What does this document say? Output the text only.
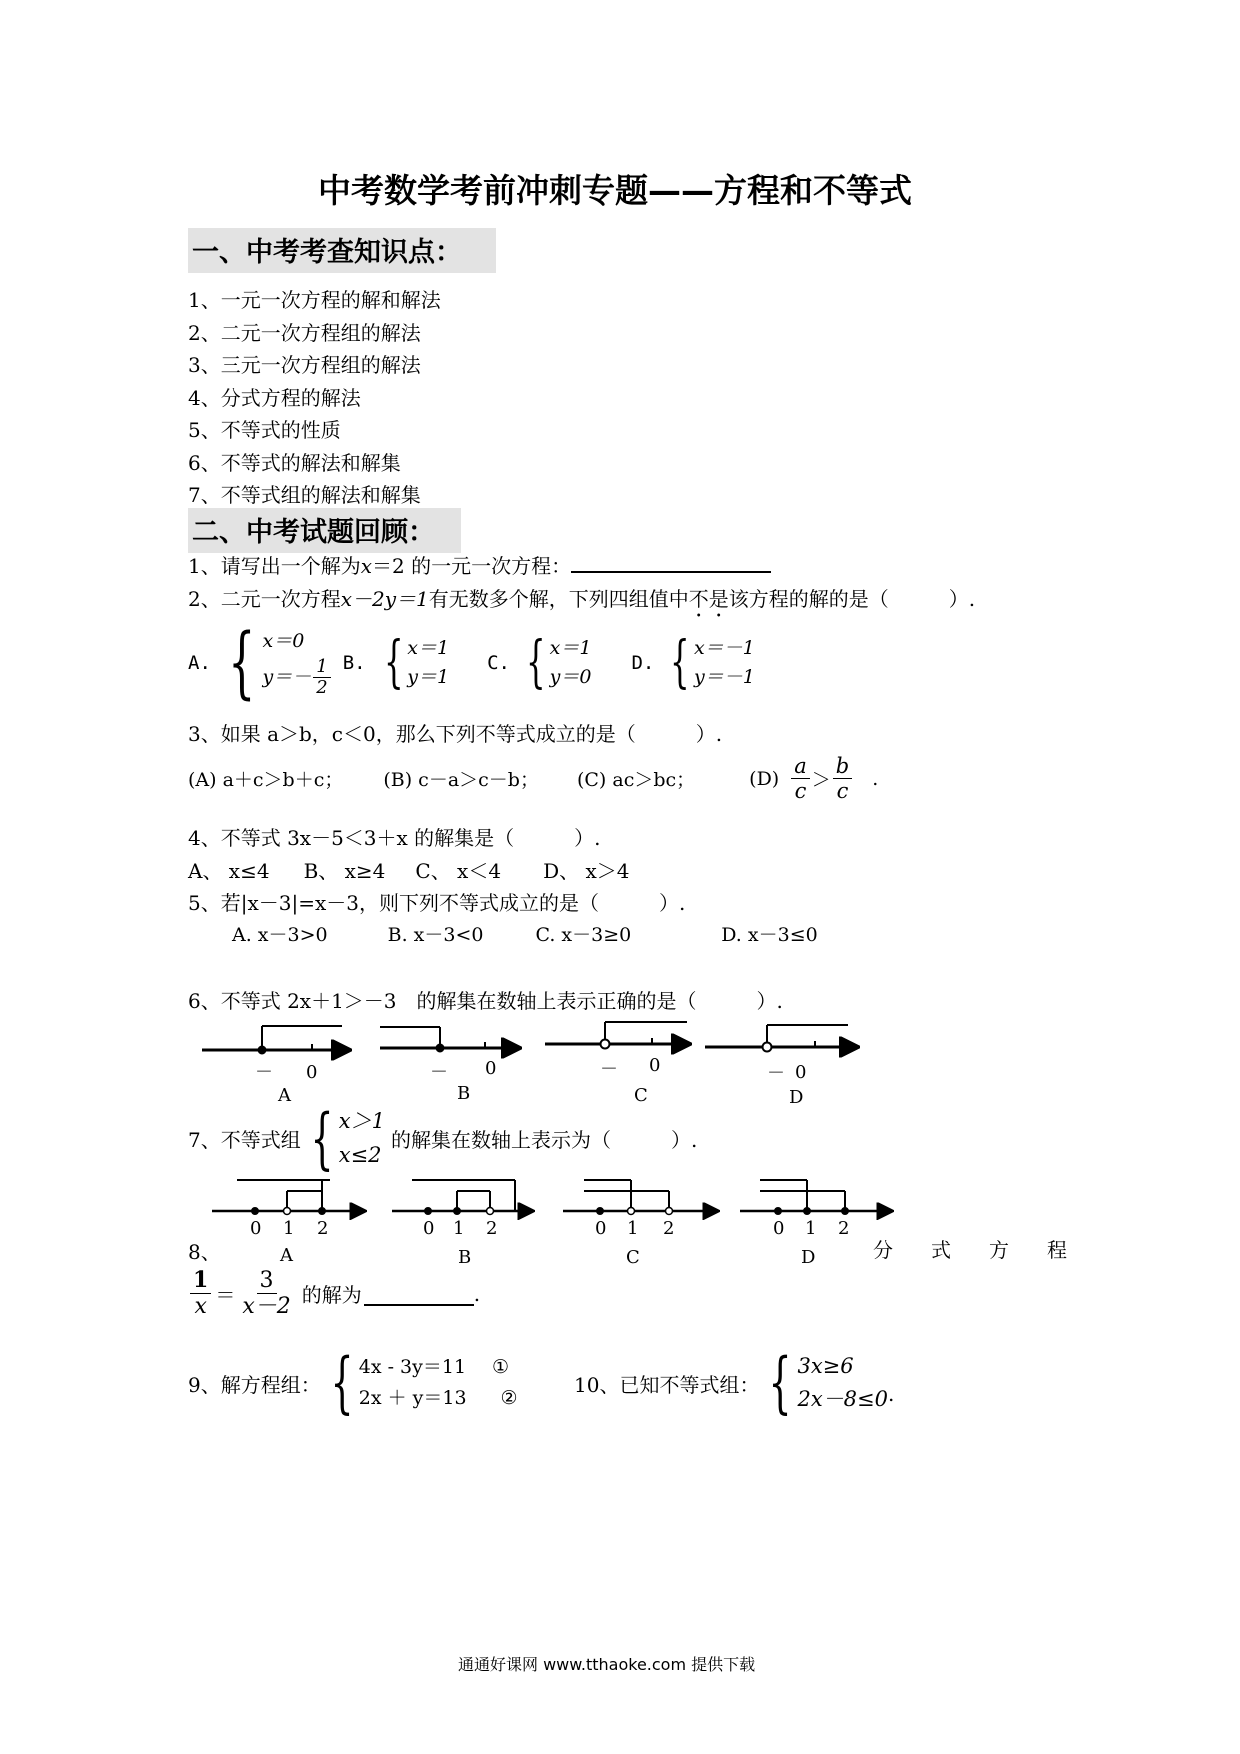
中考数学考前冲刺专题——方程和不等式
一、中考考查知识点：
1、一元一次方程的解和解法
2、二元一次方程组的解法
3、三元一次方程组的解法
4、分式方程的解法
5、不等式的性质
6、不等式的解法和解集
7、不等式组的解法和解集
二、中考试题回顾：
1、请写出一个解为x＝2 的一元一次方程：
2、二元一次方程x－2y＝1有无数多个解，下列四组值中不是该方程的解的是（　　　）.
A. { x＝0
$y=- \frac{1}{2} B$. { x＝1
y＝1
C. { x＝1
y＝0
D. { x＝－1
y＝－1
3、如果 a＞b，c＜0，那么下列不等式成立的是（　　　）.
(A) a＋c＞b＋c； (B) c－a＞c－b； (C) ac＞bc；	$(D) \frac{a}{c} > \frac{b}{c}$ .
4、不等式 3x－5＜3＋x 的解集是（　　　）.
A、 x≤4 B、 x≥4 C、 x＜4 D、 x＞4
5、若|x－3|=x－3，则下列不等式成立的是（　　　）.
A. x－3>0	B. x－3<0	C. x－3≥0	D. x－3≤0
6、不等式 2x＋1＞－3　的解集在数轴上表示正确的是（　　　）.
－ 0
A
－ 0
B
－ 0
C
－ 0
D
7、不等式组 { x＞1
x≤2
的解集在数轴上表示为（　　　）.
0 1 2
A
0 1 2
B
0 1 2
C
0 1 2
D
8、	分 式 方 程
$\frac{1}{x} = \frac{3}{x-2}$ 的解为	.
9、解方程组： { 4x - 3y＝11 ①
2x ＋ y＝13 ②
10、已知不等式组： { 3x≥6
2x－8≤0 .
通通好课网 www.tthaoke.com 提供下载
